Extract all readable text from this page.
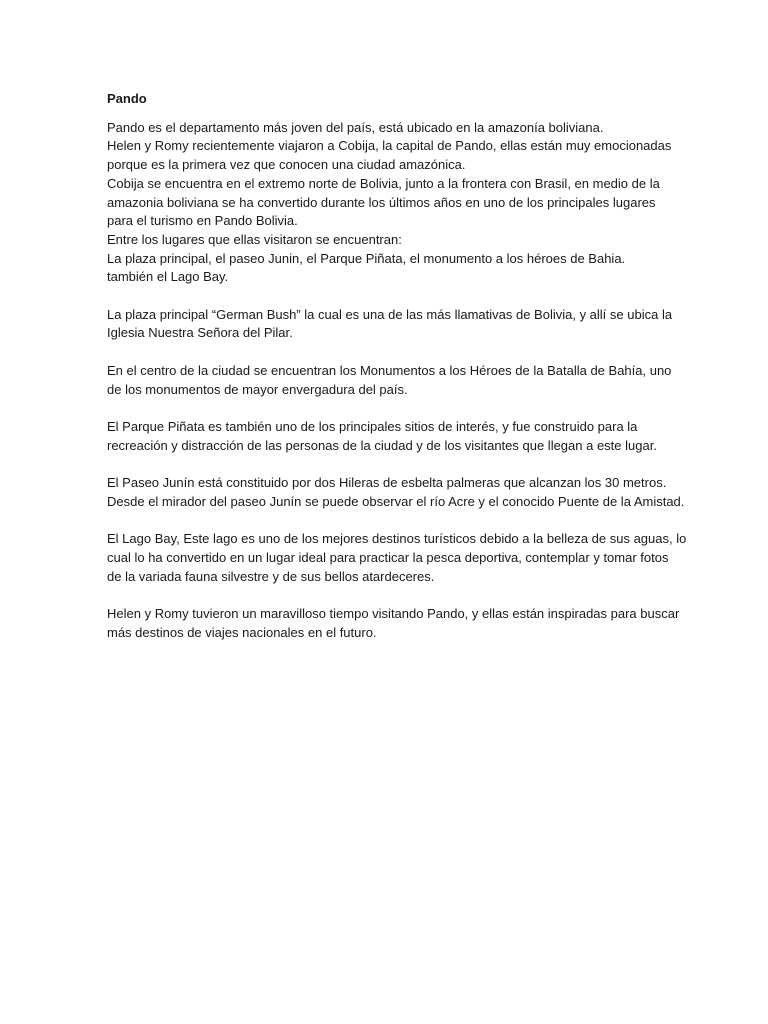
Pando
Pando es el departamento más joven del país, está ubicado en la amazonía boliviana.
Helen y Romy recientemente viajaron a Cobija, la capital de Pando, ellas están muy emocionadas
porque es la primera vez que conocen una ciudad amazónica.
Cobija se encuentra en el extremo norte de Bolivia, junto a la frontera con Brasil, en medio de la
amazonia boliviana se ha convertido durante los últimos años en uno de los principales lugares
para el turismo en Pando Bolivia.
Entre los lugares que ellas visitaron se encuentran:
La plaza principal, el paseo Junin, el Parque Piñata, el monumento a los héroes de Bahia.
también el Lago Bay.
La plaza principal “German Bush” la cual es una de las más llamativas de Bolivia, y allí se ubica la
Iglesia Nuestra Señora del Pilar.
En el centro de la ciudad se encuentran los Monumentos a los Héroes de la Batalla de Bahía, uno
de los monumentos de mayor envergadura del país.
El Parque Piñata es también uno de los principales sitios de interés, y fue construido para la
recreación y distracción de las personas de la ciudad y de los visitantes que llegan a este lugar.
El Paseo Junín está constituido por dos Hileras de esbelta palmeras que alcanzan los 30 metros.
Desde el mirador del paseo Junín se puede observar el río Acre y el conocido Puente de la Amistad.
El Lago Bay, Este lago es uno de los mejores destinos turísticos debido a la belleza de sus aguas, lo
cual lo ha convertido en un lugar ideal para practicar la pesca deportiva, contemplar y tomar fotos
de la variada fauna silvestre y de sus bellos atardeceres.
Helen y Romy tuvieron un maravilloso tiempo visitando Pando, y ellas están inspiradas para buscar
más destinos de viajes nacionales en el futuro.
